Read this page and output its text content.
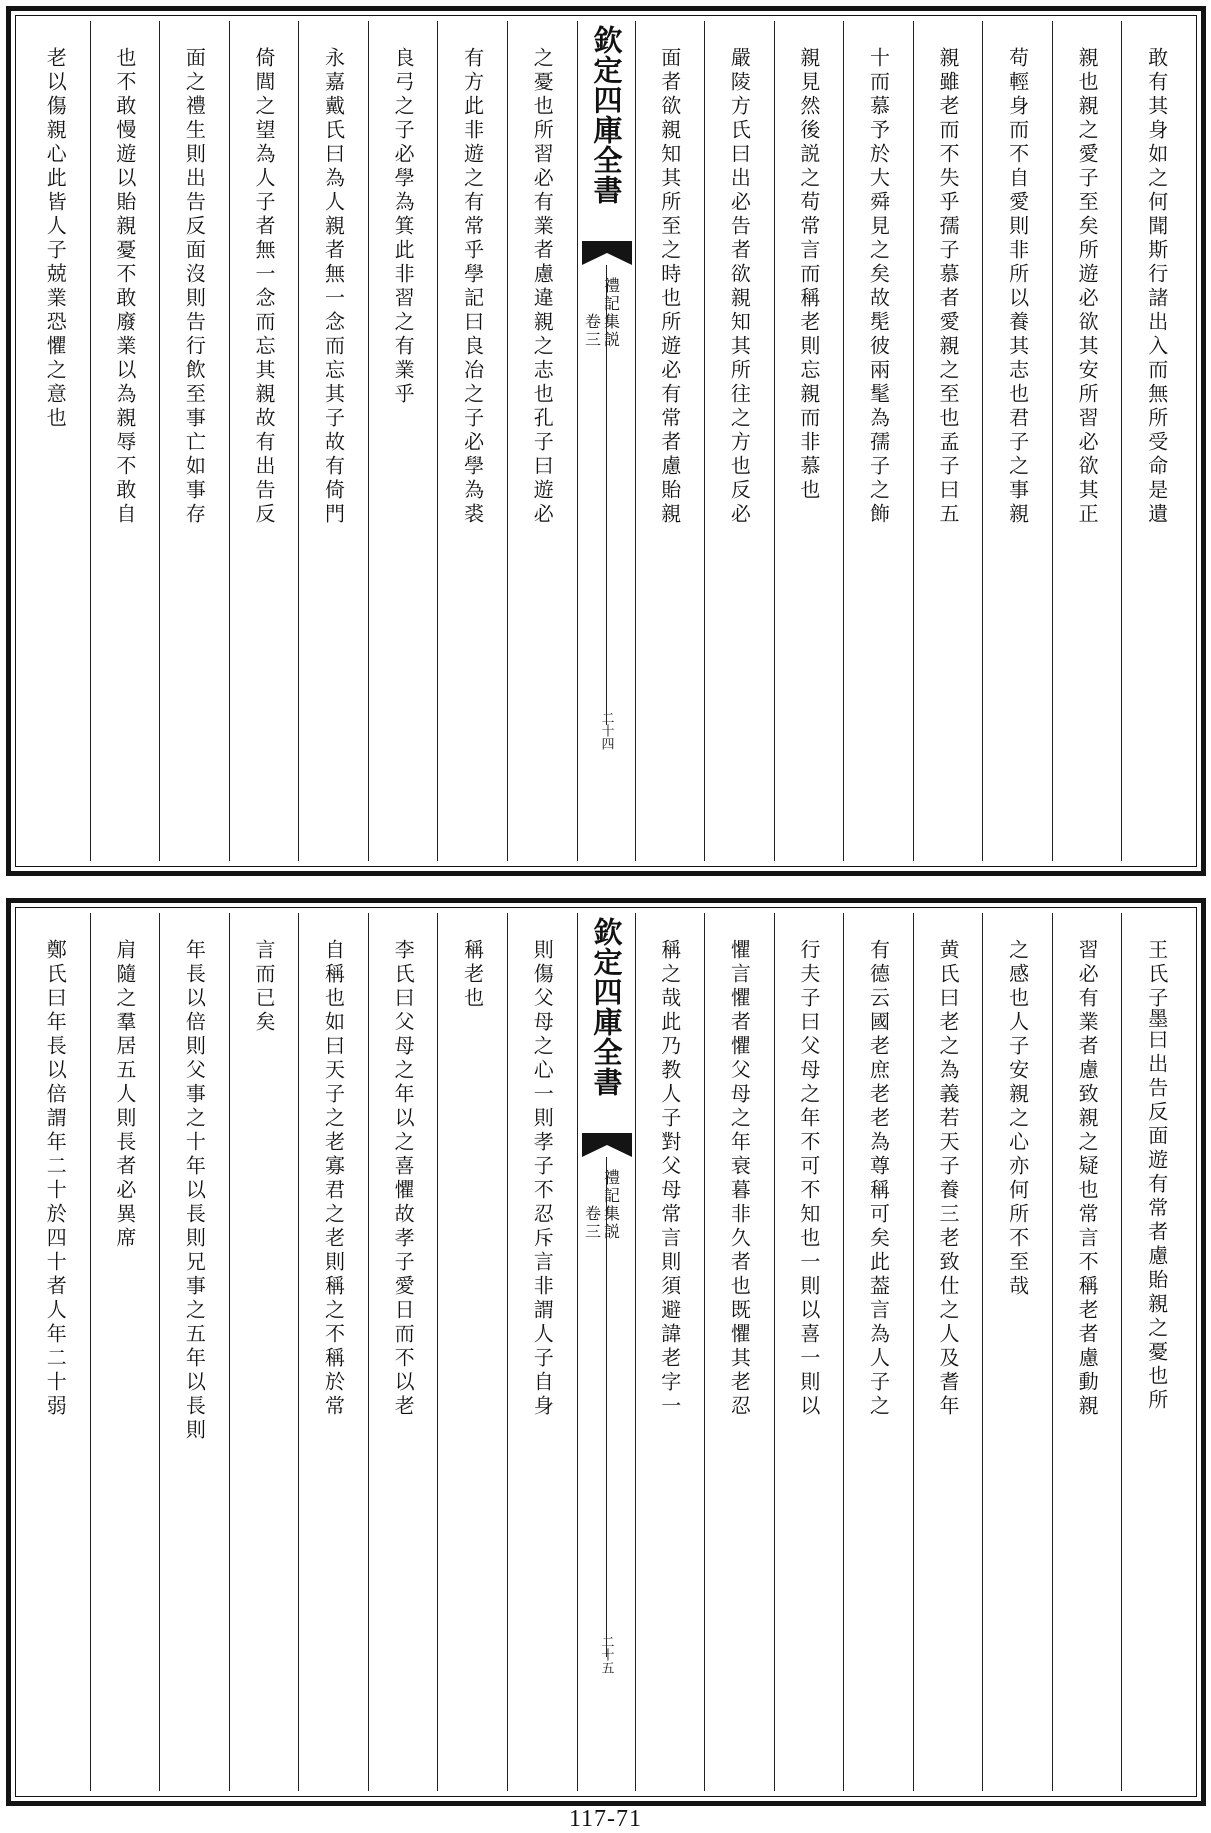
敢有其身如之何聞斯行諸出入而無所受命是遺
親也親之愛子至矣所遊必欲其安所習必欲其正
苟輕身而不自愛則非所以養其志也君子之事親
親雖老而不失乎孺子慕者愛親之至也孟子曰五
十而慕予於大舜見之矣故髧彼兩髦為孺子之飾
親見然後説之苟常言而稱老則忘親而非慕也
嚴陵方氏曰出必告者欲親知其所往之方也反必
面者欲親知其所至之時也所遊必有常者慮貽親
欽定四庫全書
禮記集説
卷三
二十四
之憂也所習必有業者慮違親之志也孔子曰遊必
有方此非遊之有常乎學記曰良冶之子必學為裘
良弓之子必學為箕此非習之有業乎
永嘉戴氏曰為人親者無一念而忘其子故有倚門
倚閭之望為人子者無一念而忘其親故有出告反
面之禮生則出告反面沒則告行飲至事亡如事存
也不敢慢遊以貽親憂不敢廢業以為親辱不敢自
老以傷親心此皆人子兢業恐懼之意也
王氏子墨曰出告反面遊有常者慮貽親之憂也所
習必有業者慮致親之疑也常言不稱老者慮動親
之感也人子安親之心亦何所不至哉
黄氏曰老之為義若天子養三老致仕之人及耆年
有德云國老庶老老為尊稱可矣此葢言為人子之
行夫子曰父母之年不可不知也一則以喜一則以
懼言懼者懼父母之年衰暮非久者也既懼其老忍
稱之哉此乃教人子對父母常言則須避諱老字一
欽定四庫全書
禮記集説
卷三
二十五
則傷父母之心一則孝子不忍斥言非謂人子自身
稱老也
李氏曰父母之年以之喜懼故孝子愛日而不以老
自稱也如曰天子之老寡君之老則稱之不稱於常
言而已矣
年長以倍則父事之十年以長則兄事之五年以長則
肩隨之羣居五人則長者必異席
鄭氏曰年長以倍謂年二十於四十者人年二十弱
117-71
